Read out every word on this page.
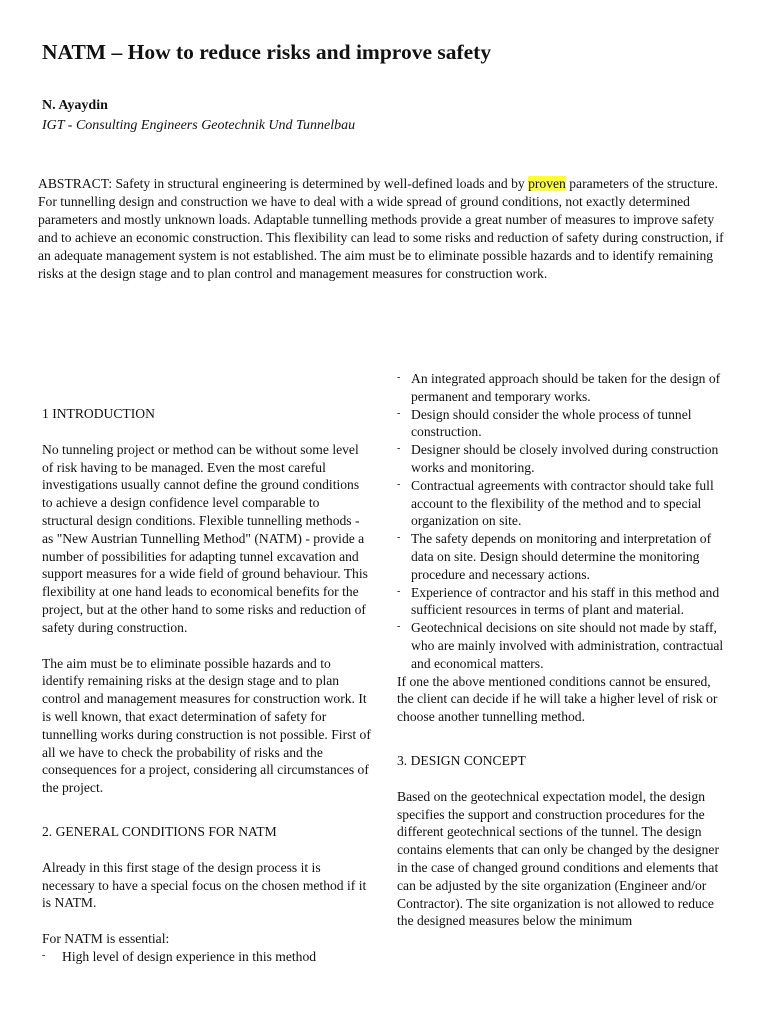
NATM – How to reduce risks and improve safety
N. Ayaydin
IGT - Consulting Engineers Geotechnik Und Tunnelbau

ABSTRACT: Safety in structural engineering is determined by well-defined loads and by proven parameters of the structure. For tunnelling design and construction we have to deal with a wide spread of ground conditions, not exactly determined parameters and mostly unknown loads. Adaptable tunnelling methods provide a great number of measures to improve safety and to achieve an economic construction. This flexibility can lead to some risks and reduction of safety during construction, if an adequate management system is not established. The aim must be to eliminate possible hazards and to identify remaining risks at the design stage and to plan control and management measures for construction work.

1 INTRODUCTION

No tunneling project or method can be without some level of risk having to be managed. Even the most careful investigations usually cannot define the ground conditions to achieve a design confidence level comparable to structural design conditions. Flexible tunnelling methods - as "New Austrian Tunnelling Method" (NATM) - provide a number of possibilities for adapting tunnel excavation and support measures for a wide field of ground behaviour. This flexibility at one hand leads to economical benefits for the project, but at the other hand to some risks and reduction of safety during construction.

The aim must be to eliminate possible hazards and to identify remaining risks at the design stage and to plan control and management measures for construction work. It is well known, that exact determination of safety for tunnelling works during construction is not possible. First of all we have to check the probability of risks and the consequences for a project, considering all circumstances of the project.

2. GENERAL CONDITIONS FOR NATM

Already in this first stage of the design process it is necessary to have a special focus on the chosen method if it is NATM.

For NATM is essential:

- High level of design experience in this method
- An integrated approach should be taken for the design of permanent and temporary works.
- Design should consider the whole process of tunnel construction.
- Designer should be closely involved during construction works and monitoring.
- Contractual agreements with contractor should take full account to the flexibility of the method and to special organization on site.
- The safety depends on monitoring and interpretation of data on site. Design should determine the monitoring procedure and necessary actions.
- Experience of contractor and his staff in this method and sufficient resources in terms of plant and material.
- Geotechnical decisions on site should not made by staff, who are mainly involved with administration, contractual and economical matters.

If one the above mentioned conditions cannot be ensured, the client can decide if he will take a higher level of risk or choose another tunnelling method.

3. DESIGN CONCEPT

Based on the geotechnical expectation model, the design specifies the support and construction procedures for the different geotechnical sections of the tunnel. The design contains elements that can only be changed by the designer in the case of changed ground conditions and elements that can be adjusted by the site organization (Engineer and/or Contractor). The site organization is not allowed to reduce the designed measures below the minimum
